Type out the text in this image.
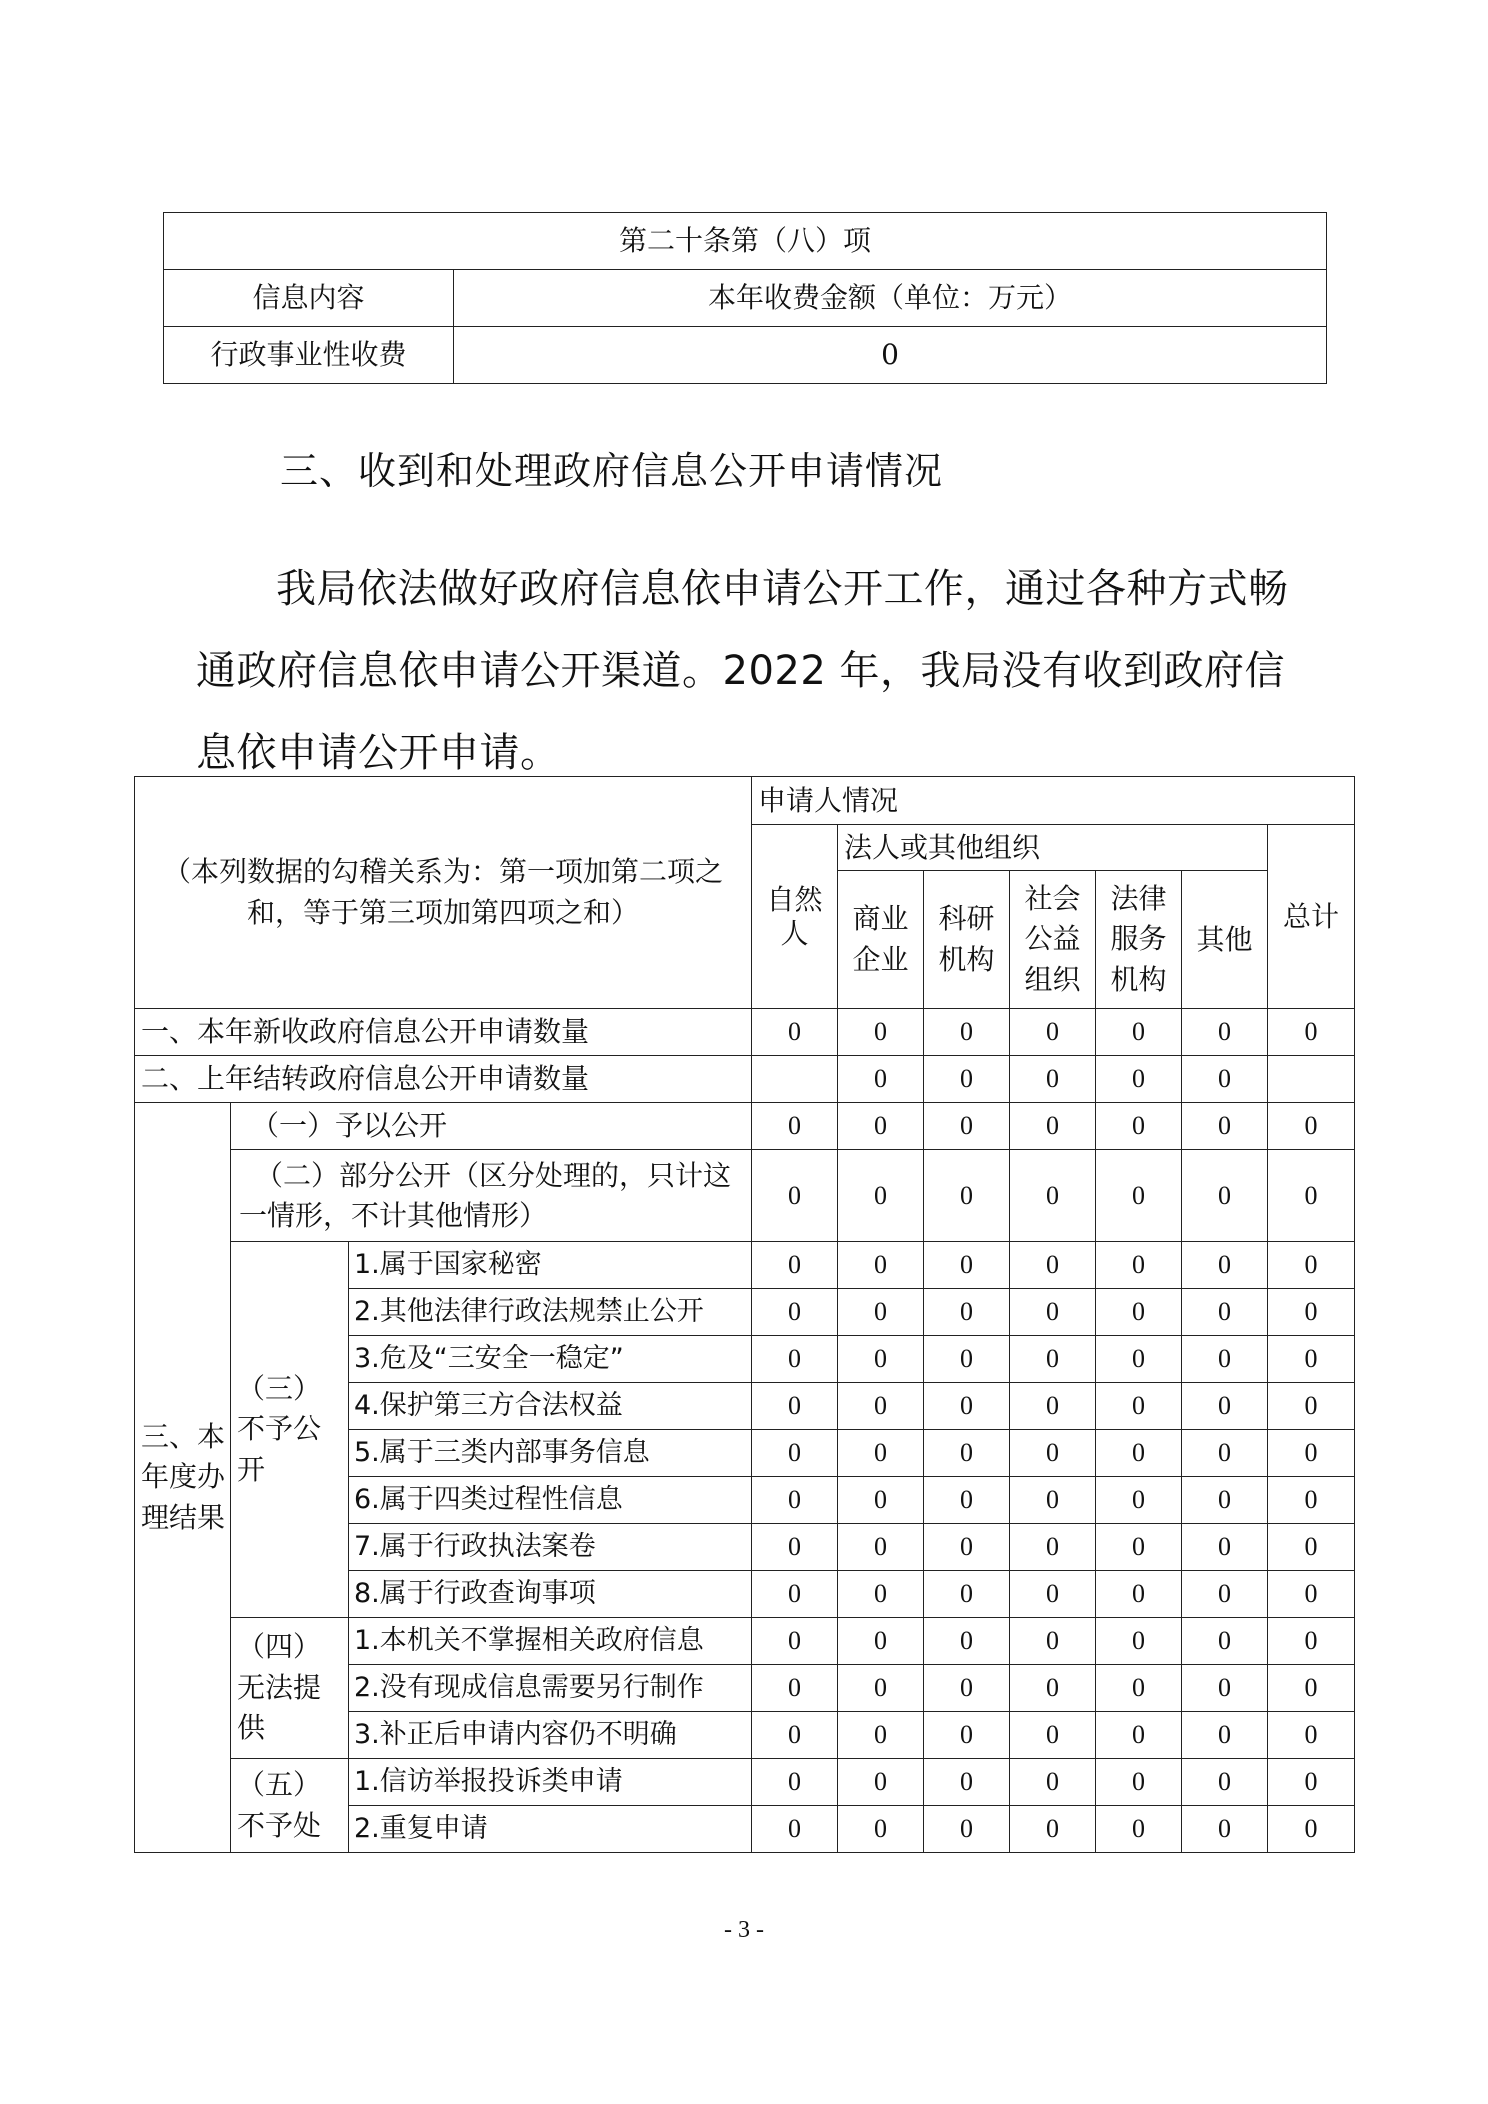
第二十条第（八）项	
信息内容	本年收费金额（单位：万元）
行政事业性收费	0
三、收到和处理政府信息公开申请情况

我局依法做好政府信息依申请公开工作，通过各种方式畅通政府信息依申请公开渠道。2022 年，我局没有收到政府信息依申请公开申请。

（本列数据的勾稽关系为：第一项加第二项之和，等于第三项加第四项之和）			申请人情况						
			自然人	法人或其他组织					总计
				商业企业	科研机构	社会公益组织	法律服务机构	其他	
一、本年新收政府信息公开申请数量			0	0	0	0	0	0	0
二、上年结转政府信息公开申请数量				0	0	0	0	0	
三、本年度办理结果	（一）予以公开		0	0	0	0	0	0	0
	（二）部分公开（区分处理的，只计这一情形，不计其他情形）		0	0	0	0	0	0	0
	（三）不予公开	1.属于国家秘密	0	0	0	0	0	0	0
		2.其他法律行政法规禁止公开	0	0	0	0	0	0	0
		3.危及“三安全一稳定”	0	0	0	0	0	0	0
		4.保护第三方合法权益	0	0	0	0	0	0	0
		5.属于三类内部事务信息	0	0	0	0	0	0	0
		6.属于四类过程性信息	0	0	0	0	0	0	0
		7.属于行政执法案卷	0	0	0	0	0	0	0
		8.属于行政查询事项	0	0	0	0	0	0	0
	（四）无法提供	1.本机关不掌握相关政府信息	0	0	0	0	0	0	0
		2.没有现成信息需要另行制作	0	0	0	0	0	0	0
		3.补正后申请内容仍不明确	0	0	0	0	0	0	0
	（五）不予处	1.信访举报投诉类申请	0	0	0	0	0	0	0
		2.重复申请	0	0	0	0	0	0	0
- 3 -
